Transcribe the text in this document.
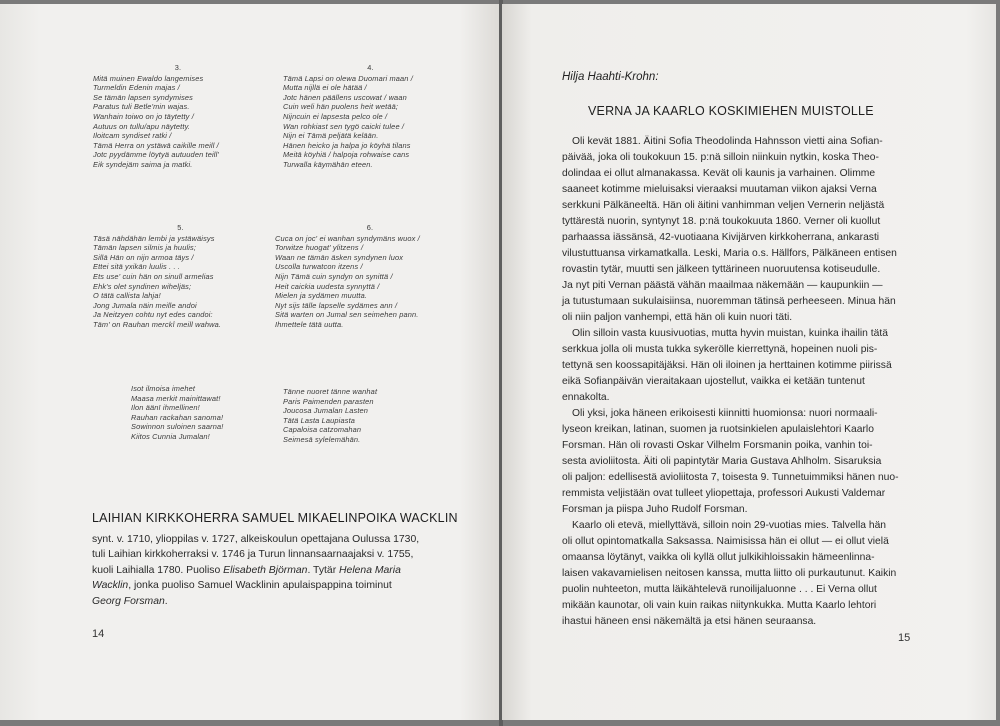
3.
Mitä muinen Ewaldo langemises
Turmeldin Edenin majas /
Se tämän lapsen syndymises
Paratus tuli Betle'min wajas.
Wanhain toiwo on jo täytetty /
Autuus on tullu/apu näytetty.
Iloitcam syndiset ratki /
Tämä Herra on ystäwä caikille meill /
Jotc pyydämme löytyä autuuden teill'
Eik syndejäm saima ja matki.
4.
Tämä Lapsi on olewa Duomari maan /
Mutta nijllä ei ole hätää /
Jotc hänen päällens uscowat / waan
Cuin weli hän puolens heit wetää;
Nijncuin ei lapsesta pelco ole /
Wan rohkiast sen tygö caicki tulee /
Nijn ei Tämä peljätä kelään.
Hänen heicko ja halpa jo köyhä tilans
Meitä köyhiä / halpoja rohwaise cans
Turwalla käymähän eteen.
5.
Täsä nähdähän lembi ja ystäwäisys
Tämän lapsen silmis ja huulis;
Sillä Hän on nijn armoa täys /
Ettei sitä yxikän luulis . . .
Ets use' cuin hän on sinull armelias
Ehk's olet syndinen wiheljäs;
O tätä callista lahja!
Jong Jumala näin meille andoi
Ja Neitzyen cohtu nyt edes candoi:
Täm' on Rauhan merckî meill wahwa.
6.
Cuca on joc' ei wanhan syndymäns wuox /
Torwitze huogat' ylitzens /
Waan ne tämän äsken syndynen luox
Uscolla turwatcon itzens /
Nijn Tämä cuin syndyn on synittä /
Heit caickia uudesta synnyttä /
Mielen ja sydämen muutta.
Nyt sijs tälle lapselle sydämes ann /
Sitä warten on Jumal sen seimehen pann.
Ihmettele tätä uutta.
Isot ilmoisa imehet
Maasa merkit mainittawat!
Ilon äänï ihmellinen!
Rauhan rackahan sanoma!
Sowinnon suloinen saarna!
Kiitos Cunnia Jumalan!
Tänne nuoret tänne wanhat
Paris Paimenden parasten
Joucosa Jumalan Lasten
Tätä Lasta Laupiasta
Capaloisa catzomahan
Seimesä sylelemähän.
LAIHIAN KIRKKOHERRA SAMUEL MIKAELINPOIKA WACKLIN
synt. v. 1710, ylioppilas v. 1727, alkeiskoulun opettajana Oulussa 1730,
tuli Laihian kirkkoherraksi v. 1746 ja Turun linnansaarnaajaksi v. 1755,
kuoli Laihialla 1780. Puoliso Elisabeth Björman. Tytär Helena Maria
Wacklin, jonka puoliso Samuel Wacklinin apulaispappina toiminut
Georg Forsman.
14
Hilja Haahti-Krohn:
VERNA JA KAARLO KOSKIMIEHEN MUISTOLLE
Oli kevät 1881. Äitini Sofia Theodolinda Hahnsson vietti aina Sofian-
päivää, joka oli toukokuun 15. p:nä silloin niinkuin nytkin, koska Theo-
dolindaa ei ollut almanakassa. Kevät oli kaunis ja varhainen. Olimme
saaneet kotimme mieluisaksi vieraaksi muutaman viikon ajaksi Verna
serkkuni Pälkäneeltä. Hän oli äitini vanhimman veljen Vernerin neljästä
tyttärestä nuorin, syntynyt 18. p:nä toukokuuta 1860. Verner oli kuollut
parhaassa iässänsä, 42-vuotiaana Kivijärven kirkkoherrana, ankarasti
vilustuttuansa virkamatkalla. Leski, Maria o.s. Hällfors, Pälkäneen entisen
rovastin tytär, muutti sen jälkeen tyttärineen nuoruutensa kotiseudulle.
Ja nyt piti Vernan päästä vähän maailmaa näkemään — kaupunkiin —
ja tutustumaan sukulaisiinsa, nuoremman tätinsä perheeseen. Minua hän
oli niin paljon vanhempi, että hän oli kuin nuori täti.
Olin silloin vasta kuusivuotias, mutta hyvin muistan, kuinka ihailin tätä
serkkua jolla oli musta tukka sykerölle kierrettynä, hopeinen nuoli pis-
tettynä sen koossapitäjäksi. Hän oli iloinen ja herttainen kotimme piirissä
eikä Sofianpäivän vieraitakaan ujostellut, vaikka ei ketään tuntenut
ennakolta.
Oli yksi, joka häneen erikoisesti kiinnitti huomionsa: nuori normaali-
lyseon kreikan, latinan, suomen ja ruotsinkielen apulaislehtori Kaarlo
Forsman. Hän oli rovasti Oskar Vilhelm Forsmanin poika, vanhin toi-
sesta avioliitosta. Äiti oli papintytär Maria Gustava Ahlholm. Sisaruksia
oli paljon: edellisestä avioliitosta 7, toisesta 9. Tunnetuimmiksi hänen nuo-
remmista veljistään ovat tulleet yliopettaja, professori Aukusti Valdemar
Forsman ja piispa Juho Rudolf Forsman.
Kaarlo oli etevä, miellyttävä, silloin noin 29-vuotias mies. Talvella hän
oli ollut opintomatkalla Saksassa. Naimisissa hän ei ollut — ei ollut vielä
omaansa löytänyt, vaikka oli kyllä ollut julkikihloissakin hämeenlinna-
laisen vakavamielisen neitosen kanssa, mutta liitto oli purkautunut. Kaikin
puolin nuhteeton, mutta läikähtelevä runoilijaluonne . . . Ei Verna ollut
mikään kaunotar, oli vain kuin raikas niitynkukka. Mutta Kaarlo lehtori
ihastui häneen ensi näkemältä ja etsi hänen seuraansa.
15
